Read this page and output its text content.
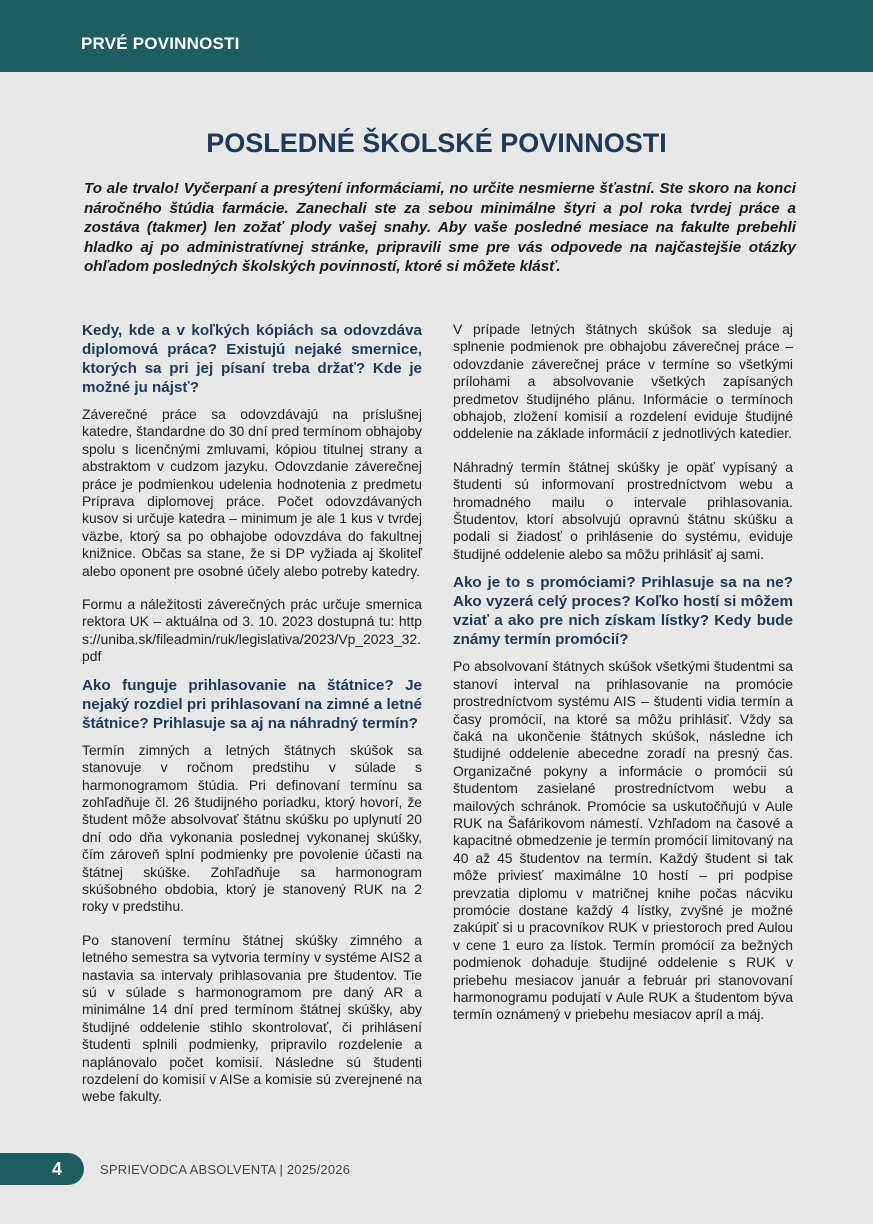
PRVÉ POVINNOSTI
POSLEDNÉ ŠKOLSKÉ POVINNOSTI
To ale trvalo! Vyčerpaní a presýtení informáciami, no určite nesmierne šťastní. Ste skoro na konci náročného štúdia farmácie. Zanechali ste za sebou minimálne štyri a pol roka tvrdej práce a zostáva (takmer) len zožať plody vašej snahy. Aby vaše posledné mesiace na fakulte prebehli hladko aj po administratívnej stránke, pripravili sme pre vás odpovede na najčastejšie otázky ohľadom posledných školských povinností, ktoré si môžete klásť.
Kedy, kde a v koľkých kópiách sa odovzdáva diplomová práca? Existujú nejaké smernice, ktorých sa pri jej písaní treba držať? Kde je možné ju nájsť?
Záverečné práce sa odovzdávajú na príslušnej katedre, štandardne do 30 dní pred termínom obhajoby spolu s licenčnými zmluvami, kópiou titulnej strany a abstraktom v cudzom jazyku. Odovzdanie záverečnej práce je podmienkou udelenia hodnotenia z predmetu Príprava diplomovej práce. Počet odovzdávaných kusov si určuje katedra – minimum je ale 1 kus v tvrdej väzbe, ktorý sa po obhajobe odovzdáva do fakultnej knižnice. Občas sa stane, že si DP vyžiada aj školiteľ alebo oponent pre osobné účely alebo potreby katedry.
Formu a náležitosti záverečných prác určuje smernica rektora UK – aktuálna od 3. 10. 2023 dostupná tu: https://uniba.sk/fileadmin/ruk/legislativa/2023/Vp_2023_32.pdf
Ako funguje prihlasovanie na štátnice? Je nejaký rozdiel pri prihlasovaní na zimné a letné štátnice? Prihlasuje sa aj na náhradný termín?
Termín zimných a letných štátnych skúšok sa stanovuje v ročnom predstihu v súlade s harmonogramom štúdia. Pri definovaní termínu sa zohľadňuje čl. 26 študijného poriadku, ktorý hovorí, že študent môže absolvovať štátnu skúšku po uplynutí 20 dní odo dňa vykonania poslednej vykonanej skúšky, čím zároveň splní podmienky pre povolenie účasti na štátnej skúške. Zohľadňuje sa harmonogram skúšobného obdobia, ktorý je stanovený RUK na 2 roky v predstihu.
Po stanovení termínu štátnej skúšky zimného a letného semestra sa vytvoria termíny v systéme AIS2 a nastavia sa intervaly prihlasovania pre študentov. Tie sú v súlade s harmonogramom pre daný AR a minimálne 14 dní pred termínom štátnej skúšky, aby študijné oddelenie stihlo skontrolovať, či prihlásení študenti splnili podmienky, pripravilo rozdelenie a naplánovalo počet komisií. Následne sú študenti rozdelení do komisií v AISe a komisie sú zverejnené na webe fakulty.
V prípade letných štátnych skúšok sa sleduje aj splnenie podmienok pre obhajobu záverečnej práce – odovzdanie záverečnej práce v termíne so všetkými prílohami a absolvovanie všetkých zapísaných predmetov študijného plánu. Informácie o termínoch obhajob, zložení komisií a rozdelení eviduje študijné oddelenie na základe informácií z jednotlivých katedier.
Náhradný termín štátnej skúšky je opäť vypísaný a študenti sú informovaní prostredníctvom webu a hromadného mailu o intervale prihlasovania. Študentov, ktorí absolvujú opravnú štátnu skúšku a podali si žiadosť o prihlásenie do systému, eviduje študijné oddelenie alebo sa môžu prihlásiť aj sami.
Ako je to s promóciami? Prihlasuje sa na ne? Ako vyzerá celý proces? Koľko hostí si môžem vziať a ako pre nich získam lístky? Kedy bude známy termín promócií?
Po absolvovaní štátnych skúšok všetkými študentmi sa stanoví interval na prihlasovanie na promócie prostredníctvom systému AIS – študenti vidia termín a časy promócií, na ktoré sa môžu prihlásiť. Vždy sa čaká na ukončenie štátnych skúšok, následne ich študijné oddelenie abecedne zoradí na presný čas. Organizačné pokyny a informácie o promócii sú študentom zasielané prostredníctvom webu a mailových schránok. Promócie sa uskutočňujú v Aule RUK na Šafárikovom námestí. Vzhľadom na časové a kapacitné obmedzenie je termín promócií limitovaný na 40 až 45 študentov na termín. Každý študent si tak môže priviesť maximálne 10 hostí – pri podpise prevzatia diplomu v matričnej knihe počas nácviku promócie dostane každý 4 lístky, zvyšné je možné zakúpiť si u pracovníkov RUK v priestoroch pred Aulou v cene 1 euro za lístok. Termín promócií za bežných podmienok dohaduje študijné oddelenie s RUK v priebehu mesiacov január a február pri stanovovaní harmonogramu podujatí v Aule RUK a študentom býva termín oznámený v priebehu mesiacov apríl a máj.
4	SPRIEVODCA ABSOLVENTA | 2025/2026
